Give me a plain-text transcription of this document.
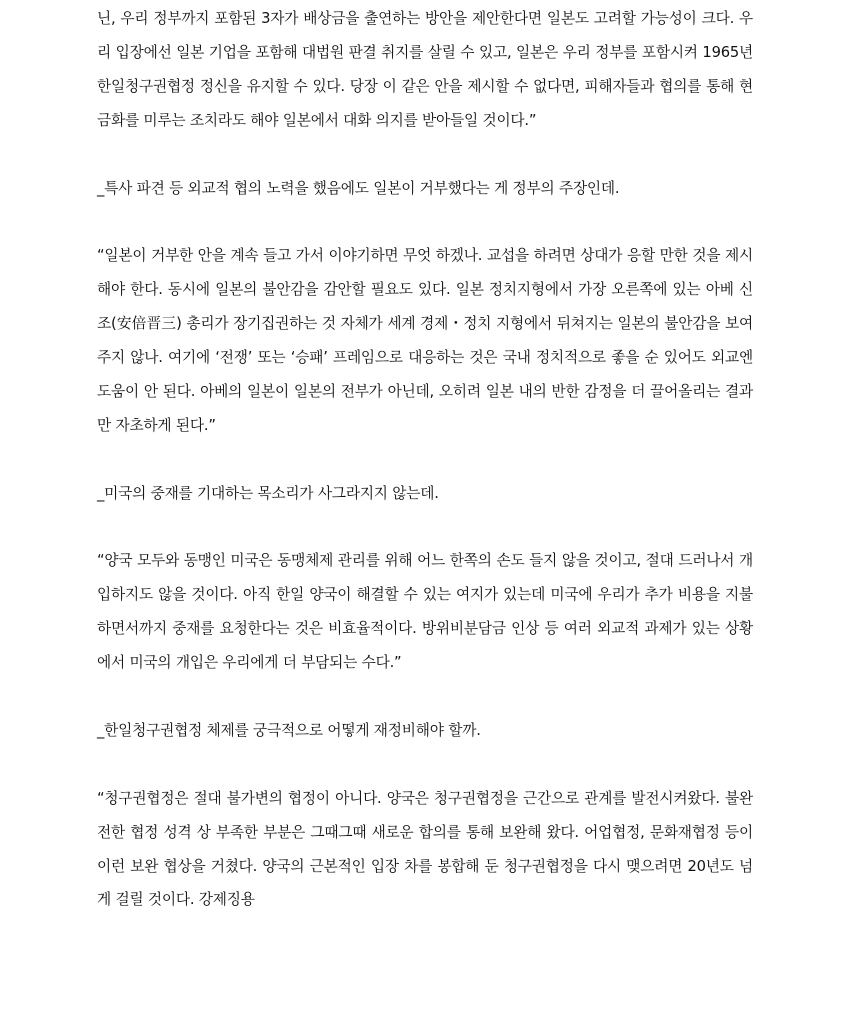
닌, 우리 정부까지 포함된 3자가 배상금을 출연하는 방안을 제안한다면 일본도 고려할 가능성이 크다. 우리 입장에선 일본 기업을 포함해 대법원 판결 취지를 살릴 수 있고, 일본은 우리 정부를 포함시켜 1965년 한일청구권협정 정신을 유지할 수 있다. 당장 이 같은 안을 제시할 수 없다면, 피해자들과 협의를 통해 현금화를 미루는 조치라도 해야 일본에서 대화 의지를 받아들일 것이다.”

_특사 파견 등 외교적 협의 노력을 했음에도 일본이 거부했다는 게 정부의 주장인데.

“일본이 거부한 안을 계속 들고 가서 이야기하면 무엇 하겠나. 교섭을 하려면 상대가 응할 만한 것을 제시해야 한다. 동시에 일본의 불안감을 감안할 필요도 있다. 일본 정치지형에서 가장 오른쪽에 있는 아베 신조(安倍晋三) 총리가 장기집권하는 것 자체가 세계 경제・정치 지형에서 뒤쳐지는 일본의 불안감을 보여주지 않나. 여기에 ‘전쟁’ 또는 ‘승패’ 프레임으로 대응하는 것은 국내 정치적으로 좋을 순 있어도 외교엔 도움이 안 된다. 아베의 일본이 일본의 전부가 아닌데, 오히려 일본 내의 반한 감정을 더 끌어올리는 결과만 자초하게 된다.”

_미국의 중재를 기대하는 목소리가 사그라지지 않는데.

“양국 모두와 동맹인 미국은 동맹체제 관리를 위해 어느 한쪽의 손도 들지 않을 것이고, 절대 드러나서 개입하지도 않을 것이다. 아직 한일 양국이 해결할 수 있는 여지가 있는데 미국에 우리가 추가 비용을 지불하면서까지 중재를 요청한다는 것은 비효율적이다. 방위비분담금 인상 등 여러 외교적 과제가 있는 상황에서 미국의 개입은 우리에게 더 부담되는 수다.”

_한일청구권협정 체제를 궁극적으로 어떻게 재정비해야 할까.

“청구권협정은 절대 불가변의 협정이 아니다. 양국은 청구권협정을 근간으로 관계를 발전시켜왔다. 불완전한 협정 성격 상 부족한 부분은 그때그때 새로운 합의를 통해 보완해 왔다. 어업협정, 문화재협정 등이 이런 보완 협상을 거쳤다. 양국의 근본적인 입장 차를 봉합해 둔 청구권협정을 다시 맺으려면 20년도 넘게 걸릴 것이다. 강제징용
